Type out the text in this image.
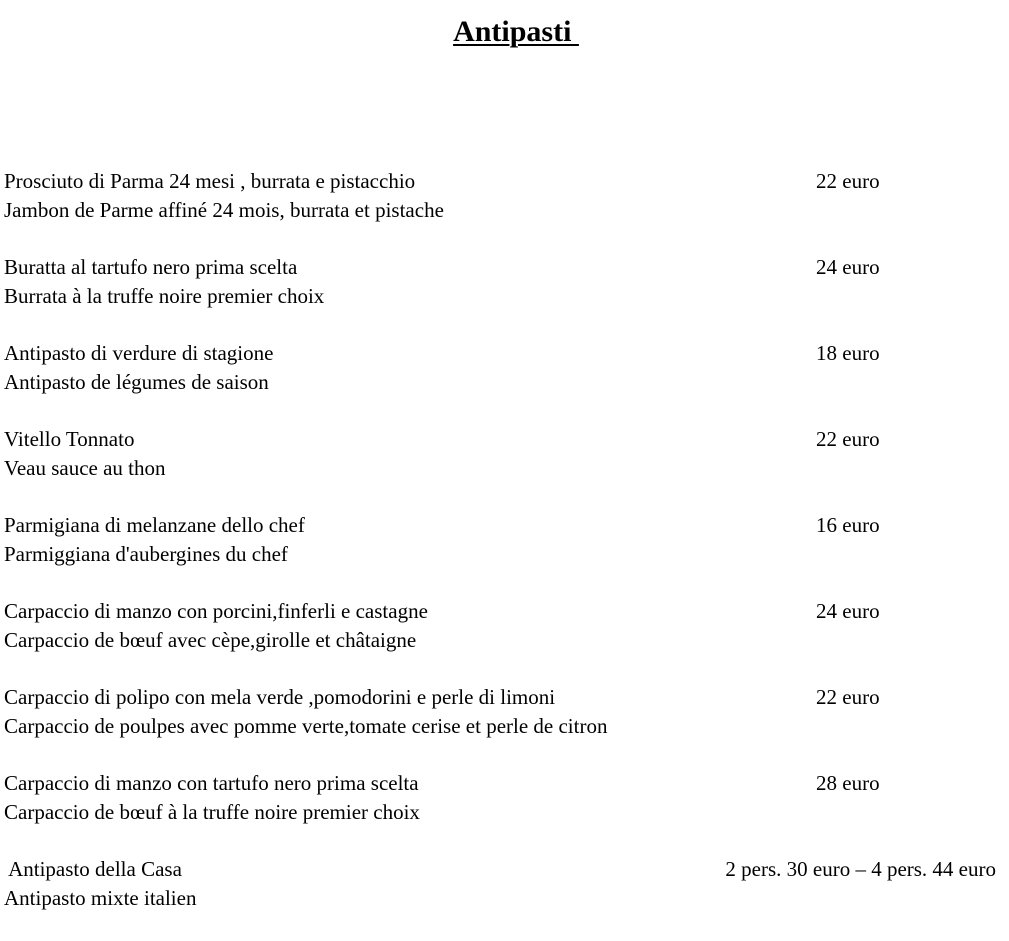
Antipasti
Prosciuto di Parma 24 mesi , burrata e pistacchio
Jambon de Parme affiné 24 mois, burrata et pistache
22 euro
Buratta al tartufo nero prima scelta
Burrata à la truffe noire premier choix
24 euro
Antipasto di verdure di stagione
Antipasto de légumes de saison
18 euro
Vitello Tonnato
Veau sauce au thon
22 euro
Parmigiana di melanzane dello chef
Parmiggiana d'aubergines du chef
16 euro
Carpaccio di manzo con porcini,finferli e castagne
Carpaccio de bœuf avec cèpe,girolle et châtaigne
24 euro
Carpaccio di polipo con mela verde ,pomodorini e perle di limoni
Carpaccio de poulpes avec pomme verte,tomate cerise et perle de citron
22 euro
Carpaccio di manzo con tartufo nero prima scelta
Carpaccio de bœuf à la truffe noire premier choix
28 euro
Antipasto della Casa
Antipasto mixte italien
2 pers. 30 euro – 4 pers. 44 euro
